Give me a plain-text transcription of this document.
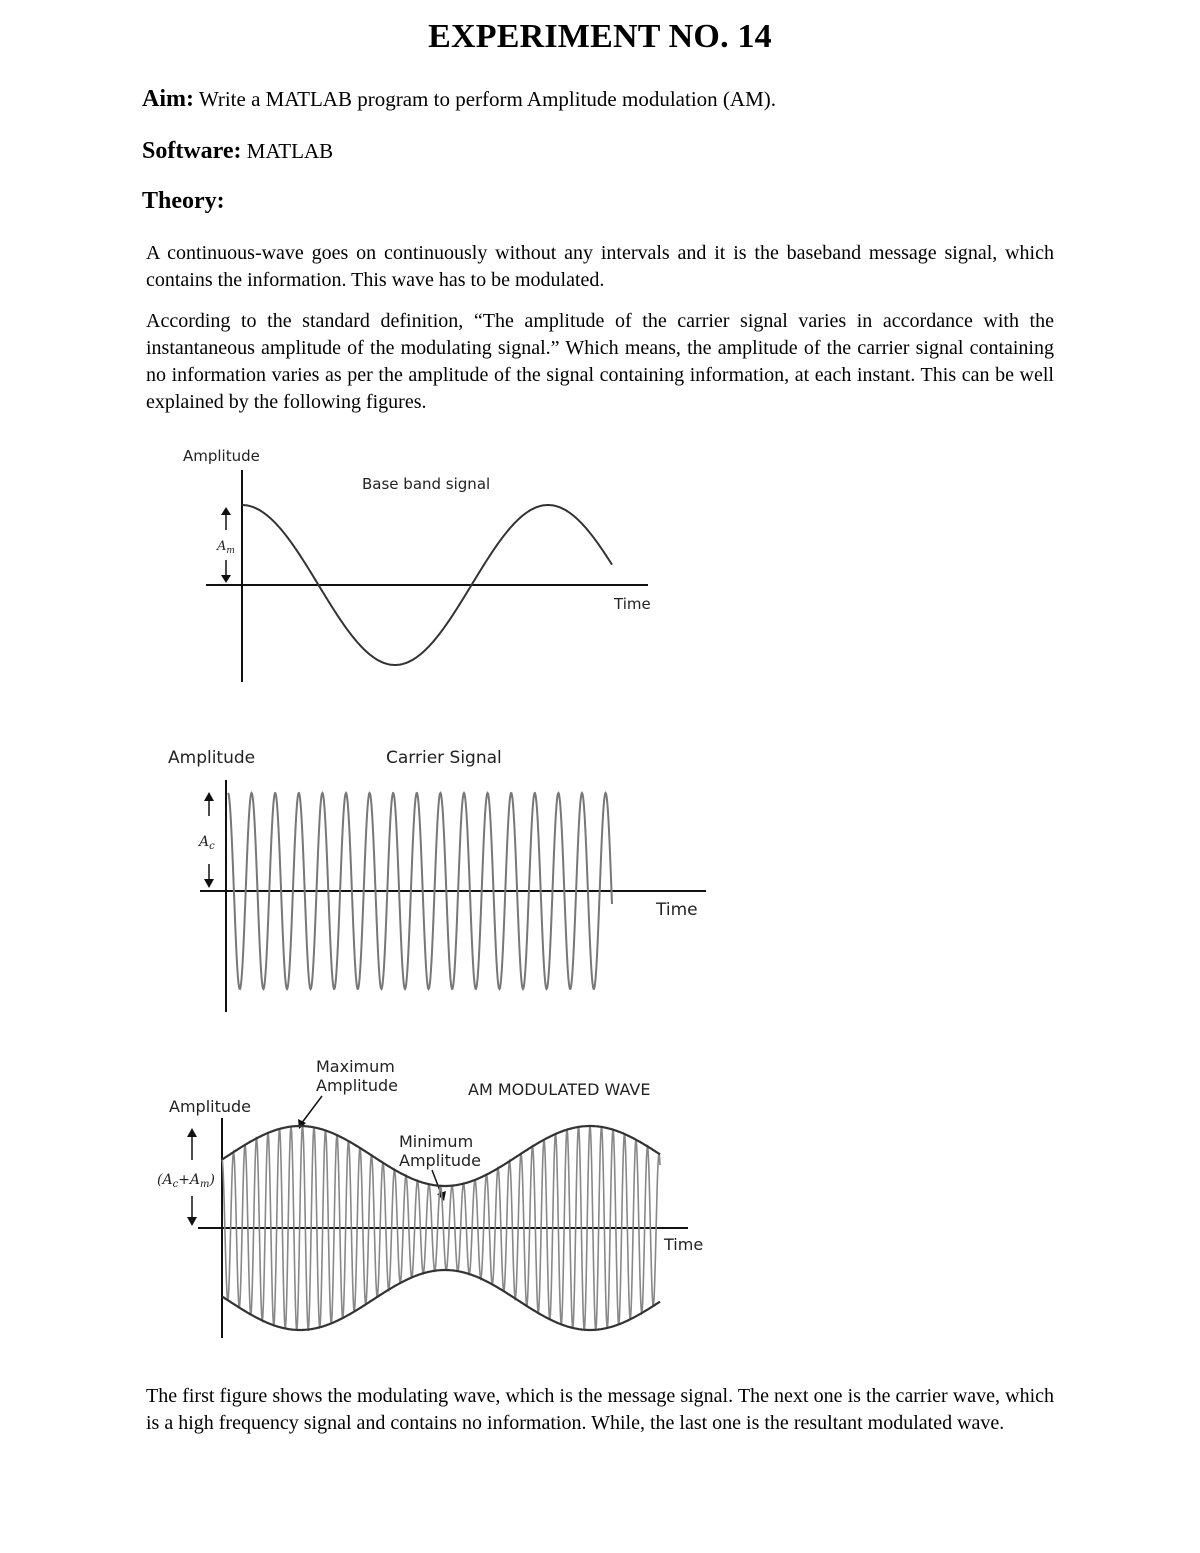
EXPERIMENT NO. 14
Aim: Write a MATLAB program to perform Amplitude modulation (AM).
Software: MATLAB
Theory:

A continuous-wave goes on continuously without any intervals and it is the baseband message signal, which contains the information. This wave has to be modulated.

According to the standard definition, “The amplitude of the carrier signal varies in accordance with the instantaneous amplitude of the modulating signal.” Which means, the amplitude of the carrier signal containing no information varies as per the amplitude of the signal containing information, at each instant. This can be well explained by the following figures.

Amplitude
Base band signal
Time
$A_m$
Amplitude	Carrier Signal
Time
$A_c$
Amplitude
AM MODULATED WAVE
Time
Maximum
Amplitude
Minimum
Amplitude
$(A_c+A_m)$

The first figure shows the modulating wave, which is the message signal. The next one is the carrier wave, which is a high frequency signal and contains no information. While, the last one is the resultant modulated wave.
